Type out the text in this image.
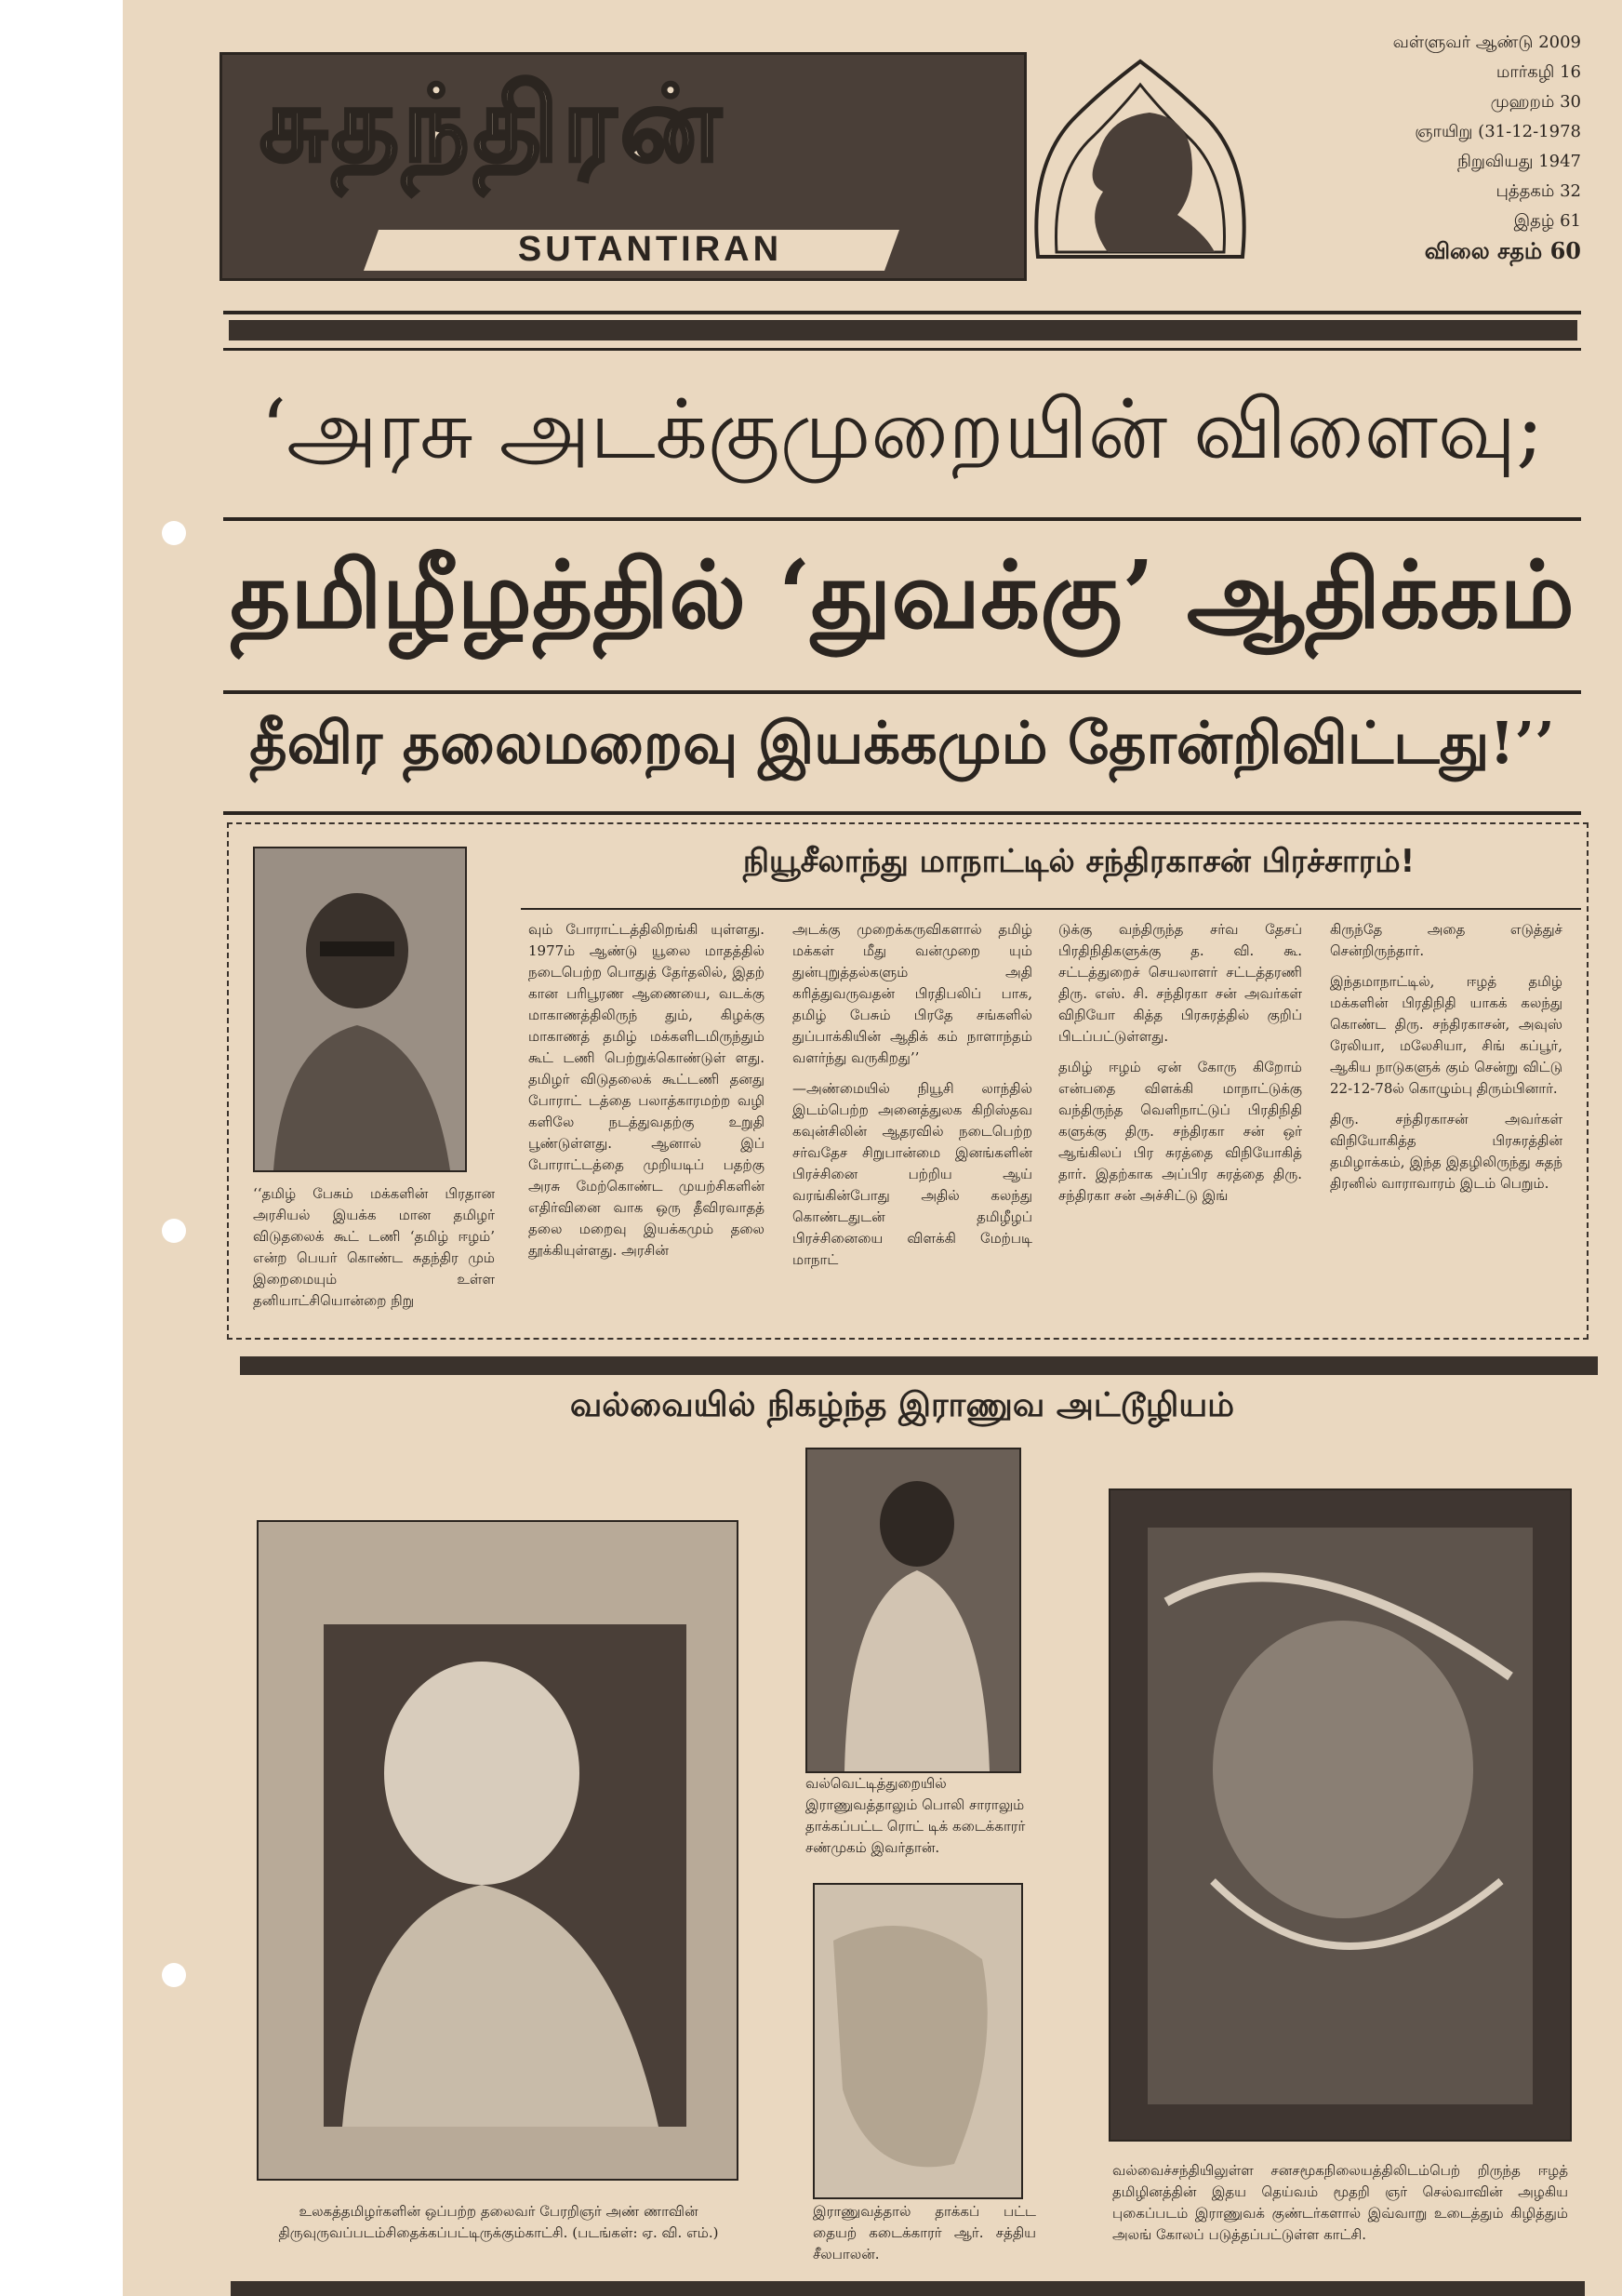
சுதந்திரன்
SUTANTIRAN
வள்ளுவர் ஆண்டு 2009
மார்கழி 16
முஹறம் 30
ஞாயிறு (31-12-1978
நிறுவியது 1947
புத்தகம் 32
இதழ் 61
விலை சதம் 60
‘அரசு அடக்குமுறையின் விளைவு;
தமிழீழத்தில் ‘துவக்கு’ ஆதிக்கம்
தீவிர தலைமறைவு இயக்கமும் தோன்றிவிட்டது!’’
நியூசீலாந்து மாநாட்டில் சந்திரகாசன் பிரச்சாரம்!
‘‘தமிழ் பேசும் மக்களின் பிரதான அரசியல் இயக்க மான தமிழர் விடுதலைக் கூட் டணி ‘தமிழ் ஈழம்’ என்ற பெயர் கொண்ட சுதந்திர மும் இறைமையும் உள்ள தனியாட்சியொன்றை நிறு

வும் போராட்டத்திலிறங்கி யுள்ளது. 1977ம் ஆண்டு யூலை மாதத்தில் நடைபெற்ற பொதுத் தேர்தலில், இதற் கான பரிபூரண ஆணையை, வடக்கு மாகாணத்திலிருந் தும், கிழக்கு மாகாணத் தமிழ் மக்களிடமிருந்தும் கூட் டணி பெற்றுக்கொண்டுள் ளது. தமிழர் விடுதலைக் கூட்டணி தனது போராட் டத்தை பலாத்காரமற்ற வழி களிலே நடத்துவதற்கு உறுதி பூண்டுள்ளது. ஆனால் இப் போராட்டத்தை முறியடிப் பதற்கு அரசு மேற்கொண்ட முயற்சிகளின் எதிர்வினை வாக ஒரு தீவிரவாதத் தலை மறைவு இயக்கமும் தலை தூக்கியுள்ளது. அரசின்

அடக்கு முறைக்கருவிகளால் தமிழ் மக்கள் மீது வன்முறை யும் துன்புறுத்தல்களும் அதி கரித்துவருவதன் பிரதிபலிப் பாக, தமிழ் பேசும் பிரதே சங்களில் துப்பாக்கியின் ஆதிக் கம் நாளாந்தம் வளர்ந்து வருகிறது’’

—அண்மையில் நியூசி லாந்தில் இடம்பெற்ற அனைத்துலக கிறிஸ்தவ கவுன்சிலின் ஆதரவில் நடைபெற்ற சர்வதேச சிறுபான்மை இனங்களின் பிரச்சினை பற்றிய ஆய் வரங்கின்போது அதில் கலந்து கொண்டதுடன் தமிழீழப் பிரச்சினையை விளக்கி மேற்படி மாநாட்

டுக்கு வந்திருந்த சர்வ தேசப் பிரதிநிதிகளுக்கு த. வி. கூ. சட்டத்துறைச் செயலாளர் சட்டத்தரணி திரு. எஸ். சி. சந்திரகா சன் அவர்கள் விநியோ கித்த பிரசுரத்தில் குறிப் பிடப்பட்டுள்ளது.

தமிழ் ஈழம் ஏன் கோரு கிறோம் என்பதை விளக்கி மாநாட்டுக்கு வந்திருந்த வெளிநாட்டுப் பிரதிநிதி களுக்கு திரு. சந்திரகா சன் ஒர் ஆங்கிலப் பிர சுரத்தை விநியோகித் தார். இதற்காக அப்பிர சுரத்தை திரு. சந்திரகா சன் அச்சிட்டு இங்

கிருந்தே அதை எடுத்துச் சென்றிருந்தார்.

இந்தமாநாட்டில், ஈழத் தமிழ் மக்களின் பிரதிநிதி யாகக் கலந்து கொண்ட திரு. சந்திரகாசன், அவுஸ் ரேலியா, மலேசியா, சிங் கப்பூர், ஆகிய நாடுகளுக் கும் சென்று விட்டு 22-12-78ல் கொழும்பு திரும்பினார்.

திரு. சந்திரகாசன் அவர்கள் விநியோகித்த பிரசுரத்தின் தமிழாக்கம், இந்த இதழிலிருந்து சுதந் திரனில் வாராவாரம் இடம் பெறும்.

வல்வையில் நிகழ்ந்த இராணுவ அட்டூழியம்
உலகத்தமிழர்களின் ஒப்பற்ற தலைவர் பேரறிஞர் அண் ணாவின் திருவுருவப்படம்சிதைக்கப்பட்டிருக்கும்காட்சி. (படங்கள்: ஏ. வி. எம்.)
வல்வெட்டித்துறையில் இராணுவத்தாலும் பொலி சாராலும் தாக்கப்பட்ட ரொட் டிக் கடைக்காரர் சண்முகம் இவர்தான்.
இராணுவத்தால் தாக்கப் பட்ட தையற் கடைக்காரர் ஆர். சத்திய சீலபாலன்.
வல்வைச்சந்தியிலுள்ள சனசமூகநிலையத்திலிடம்பெற் றிருந்த ஈழத் தமிழினத்தின் இதய தெய்வம் மூதறி ஞர் செல்வாவின் அழகிய புகைப்படம் இராணுவக் குண்டர்களால் இவ்வாறு உடைத்தும் கிழித்தும் அலங் கோலப் படுத்தப்பட்டுள்ள காட்சி.
